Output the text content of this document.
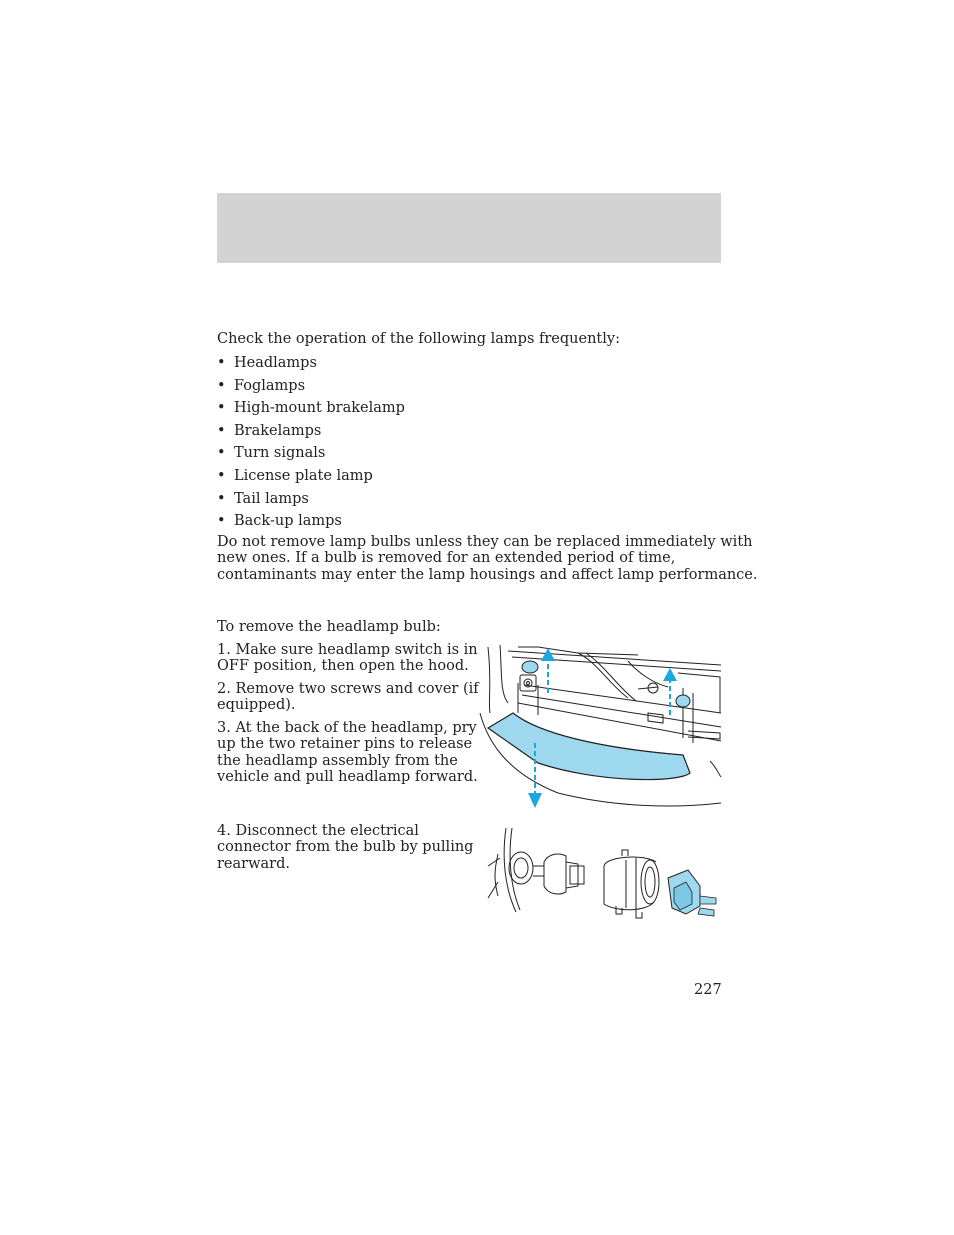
Check the operation of the following lamps frequently:
• Headlamps
• Foglamps
• High-mount brakelamp
• Brakelamps
• Turn signals
• License plate lamp
• Tail lamps
• Back-up lamps
Do not remove lamp bulbs unless they can be replaced immediately with
new ones. If a bulb is removed for an extended period of time,
contaminants may enter the lamp housings and affect lamp performance.
To remove the headlamp bulb:
1. Make sure headlamp switch is in
OFF position, then open the hood.
2. Remove two screws and cover (if
equipped).
3. At the back of the headlamp, pry
up the two retainer pins to release
the headlamp assembly from the
vehicle and pull headlamp forward.
4. Disconnect the electrical
connector from the bulb by pulling
rearward.
227
